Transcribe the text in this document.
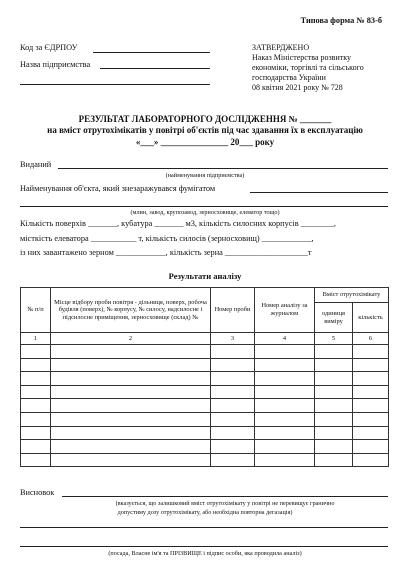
Типова форма № 83-б
Код за ЄДРПОУ
Назва підприємства
ЗАТВЕРДЖЕНО
Наказ Міністерства розвитку
економіки, торгівлі та сільського
господарства України
08 квітня 2021 року № 728
РЕЗУЛЬТАТ ЛАБОРАТОРНОГО ДОСЛІДЖЕННЯ № _______
на вміст отрутохімікатів у повітрі об'єктів під час здавання їх в експлуатацію
«___» _______________ 20___ року
Виданий
(найменування підприємства)
Найменування об'єкта, який знезаражувався фумігатом
(млин, завод, крупозавод, зерносховище, елеватор тощо)
Кількість поверхів _______, кубатура _______ м3, кількість силосних корпусів ________,
місткість елеватора ___________ т, кількість силосів (зерносховищ) ____________,
із них завантажено зерном ____________, кількість зерна ____________________т
Результати аналізу
№ п/п	Місце відбору проби повітря - дільниця, поверх, робоча будівля (поверх), № корпусу, № силосу, надсилосне і підсилосне приміщення, зерносховище (склад) №	Номер проби	Номер аналізу за журналом	Вміст отрутохімікату	
				одиниця виміру	кількість
1	2	3	4	5	6

Висновок
(вказується, що залишковий вміст отрутохімікату у повітрі не перевищує гранично
допустиму дозу отрутохімікату, або необхідна повторна дегазація)
(посада, Власне ім'я та ПРІЗВИЩЕ і підпис особи, яка проводила аналіз)
